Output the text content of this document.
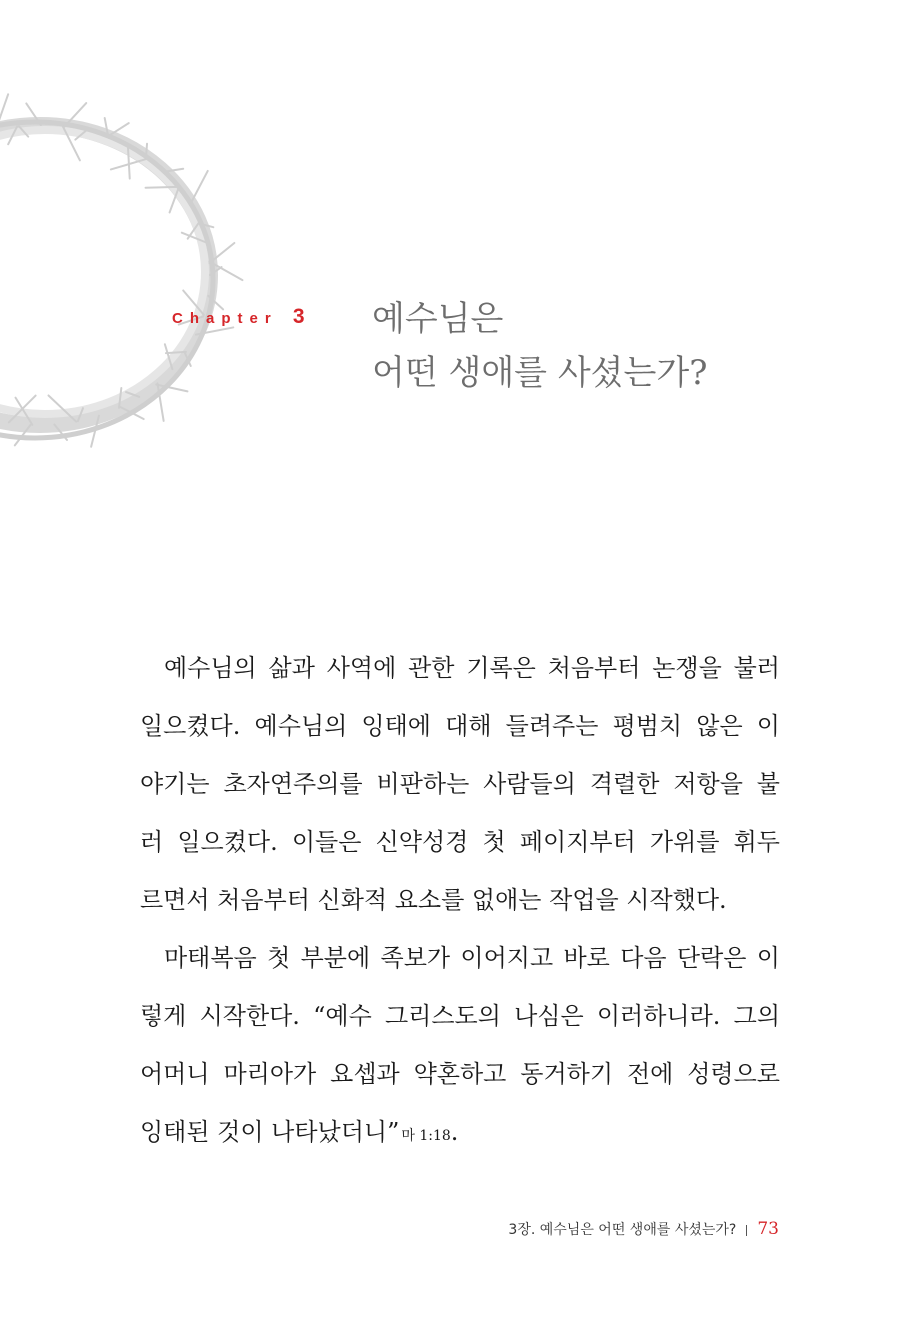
Chapter 3 예수님은
어떤 생애를 사셨는가?
예수님의 삶과 사역에 관한 기록은 처음부터 논쟁을 불러
일으켰다. 예수님의 잉태에 대해 들려주는 평범치 않은 이
야기는 초자연주의를 비판하는 사람들의 격렬한 저항을 불
러 일으켰다. 이들은 신약성경 첫 페이지부터 가위를 휘두
르면서 처음부터 신화적 요소를 없애는 작업을 시작했다.
마태복음 첫 부분에 족보가 이어지고 바로 다음 단락은 이
렇게 시작한다. “예수 그리스도의 나심은 이러하니라. 그의
어머니 마리아가 요셉과 약혼하고 동거하기 전에 성령으로
잉태된 것이 나타났더니” 마 1:18.
3장. 예수님은 어떤 생애를 사셨는가? 73
